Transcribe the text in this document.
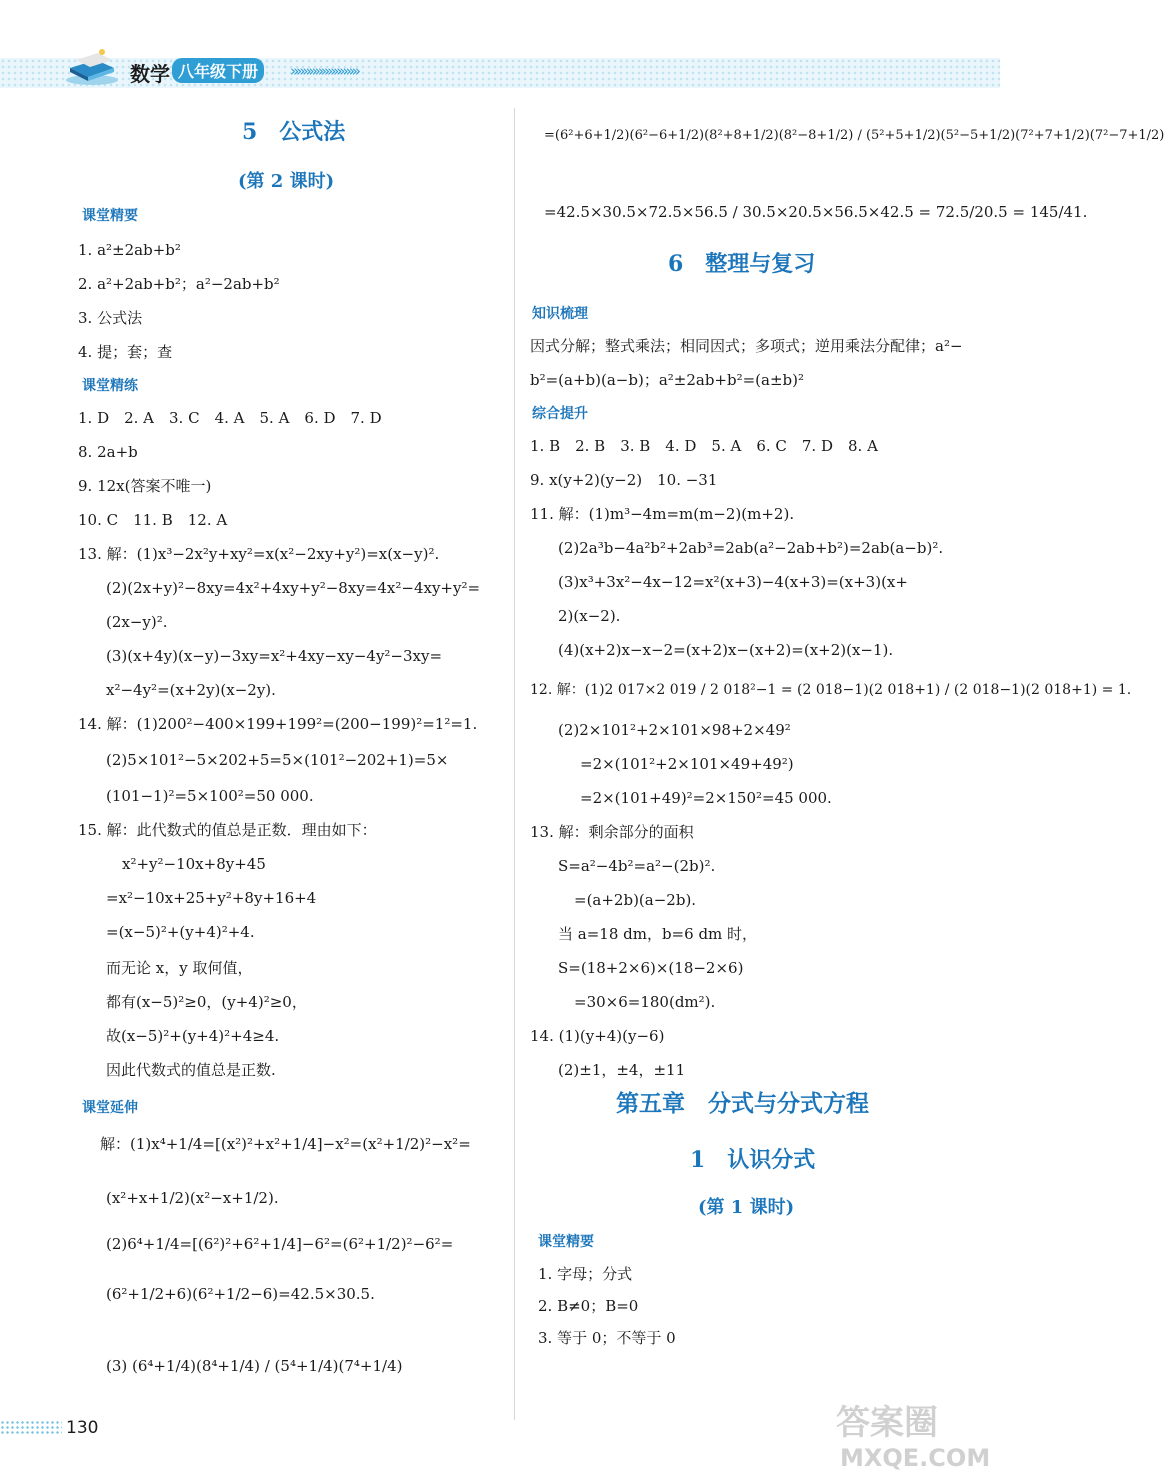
数学 八年级下册	»»»»»»»»»»»
5　公式法
(第 2 课时)
课堂精要
1. a²±2ab+b²
2. a²+2ab+b²；a²−2ab+b²
3. 公式法
4. 提；套；查
课堂精练
1. D　2. A　3. C　4. A　5. A　6. D　7. D
8. 2a+b
9. 12x(答案不唯一)
10. C　11. B　12. A
13. 解：(1)x³−2x²y+xy²=x(x²−2xy+y²)=x(x−y)².
(2)(2x+y)²−8xy=4x²+4xy+y²−8xy=4x²−4xy+y²=
(2x−y)².
(3)(x+4y)(x−y)−3xy=x²+4xy−xy−4y²−3xy=
x²−4y²=(x+2y)(x−2y).
14. 解：(1)200²−400×199+199²=(200−199)²=1²=1.
(2)5×101²−5×202+5=5×(101²−202+1)=5×
(101−1)²=5×100²=50 000.
15. 解：此代数式的值总是正数．理由如下：
x²+y²−10x+8y+45
=x²−10x+25+y²+8y+16+4
=(x−5)²+(y+4)²+4.
而无论 x，y 取何值，
都有(x−5)²≥0，(y+4)²≥0，
故(x−5)²+(y+4)²+4≥4.
因此代数式的值总是正数.
课堂延伸
解：(1)x⁴+1/4=[(x²)²+x²+1/4]−x²=(x²+1/2)²−x²=
(x²+x+1/2)(x²−x+1/2).
(2)6⁴+1/4=[(6²)²+6²+1/4]−6²=(6²+1/2)²−6²=
(6²+1/2+6)(6²+1/2−6)=42.5×30.5.
(3) (6⁴+1/4)(8⁴+1/4) / (5⁴+1/4)(7⁴+1/4)
=(6²+6+1/2)(6²−6+1/2)(8²+8+1/2)(8²−8+1/2) / (5²+5+1/2)(5²−5+1/2)(7²+7+1/2)(7²−7+1/2)
=42.5×30.5×72.5×56.5 / 30.5×20.5×56.5×42.5 = 72.5/20.5 = 145/41.
6　整理与复习
知识梳理
因式分解；整式乘法；相同因式；多项式；逆用乘法分配律；a²−
b²=(a+b)(a−b)；a²±2ab+b²=(a±b)²
综合提升
1. B　2. B　3. B　4. D　5. A　6. C　7. D　8. A
9. x(y+2)(y−2)　10. −31
11. 解：(1)m³−4m=m(m−2)(m+2).
(2)2a³b−4a²b²+2ab³=2ab(a²−2ab+b²)=2ab(a−b)².
(3)x³+3x²−4x−12=x²(x+3)−4(x+3)=(x+3)(x+
2)(x−2).
(4)(x+2)x−x−2=(x+2)x−(x+2)=(x+2)(x−1).
12. 解：(1)2 017×2 019 / 2 018²−1 = (2 018−1)(2 018+1) / (2 018−1)(2 018+1) = 1.
(2)2×101²+2×101×98+2×49²
=2×(101²+2×101×49+49²)
=2×(101+49)²=2×150²=45 000.
13. 解：剩余部分的面积
S=a²−4b²=a²−(2b)².
=(a+2b)(a−2b).
当 a=18 dm，b=6 dm 时，
S=(18+2×6)×(18−2×6)
=30×6=180(dm²).
14. (1)(y+4)(y−6)
(2)±1，±4，±11
第五章　分式与分式方程
1　认识分式
(第 1 课时)
课堂精要
1. 字母；分式
2. B≠0；B=0
3. 等于 0；不等于 0
130	答案圈
MXQE.COM
